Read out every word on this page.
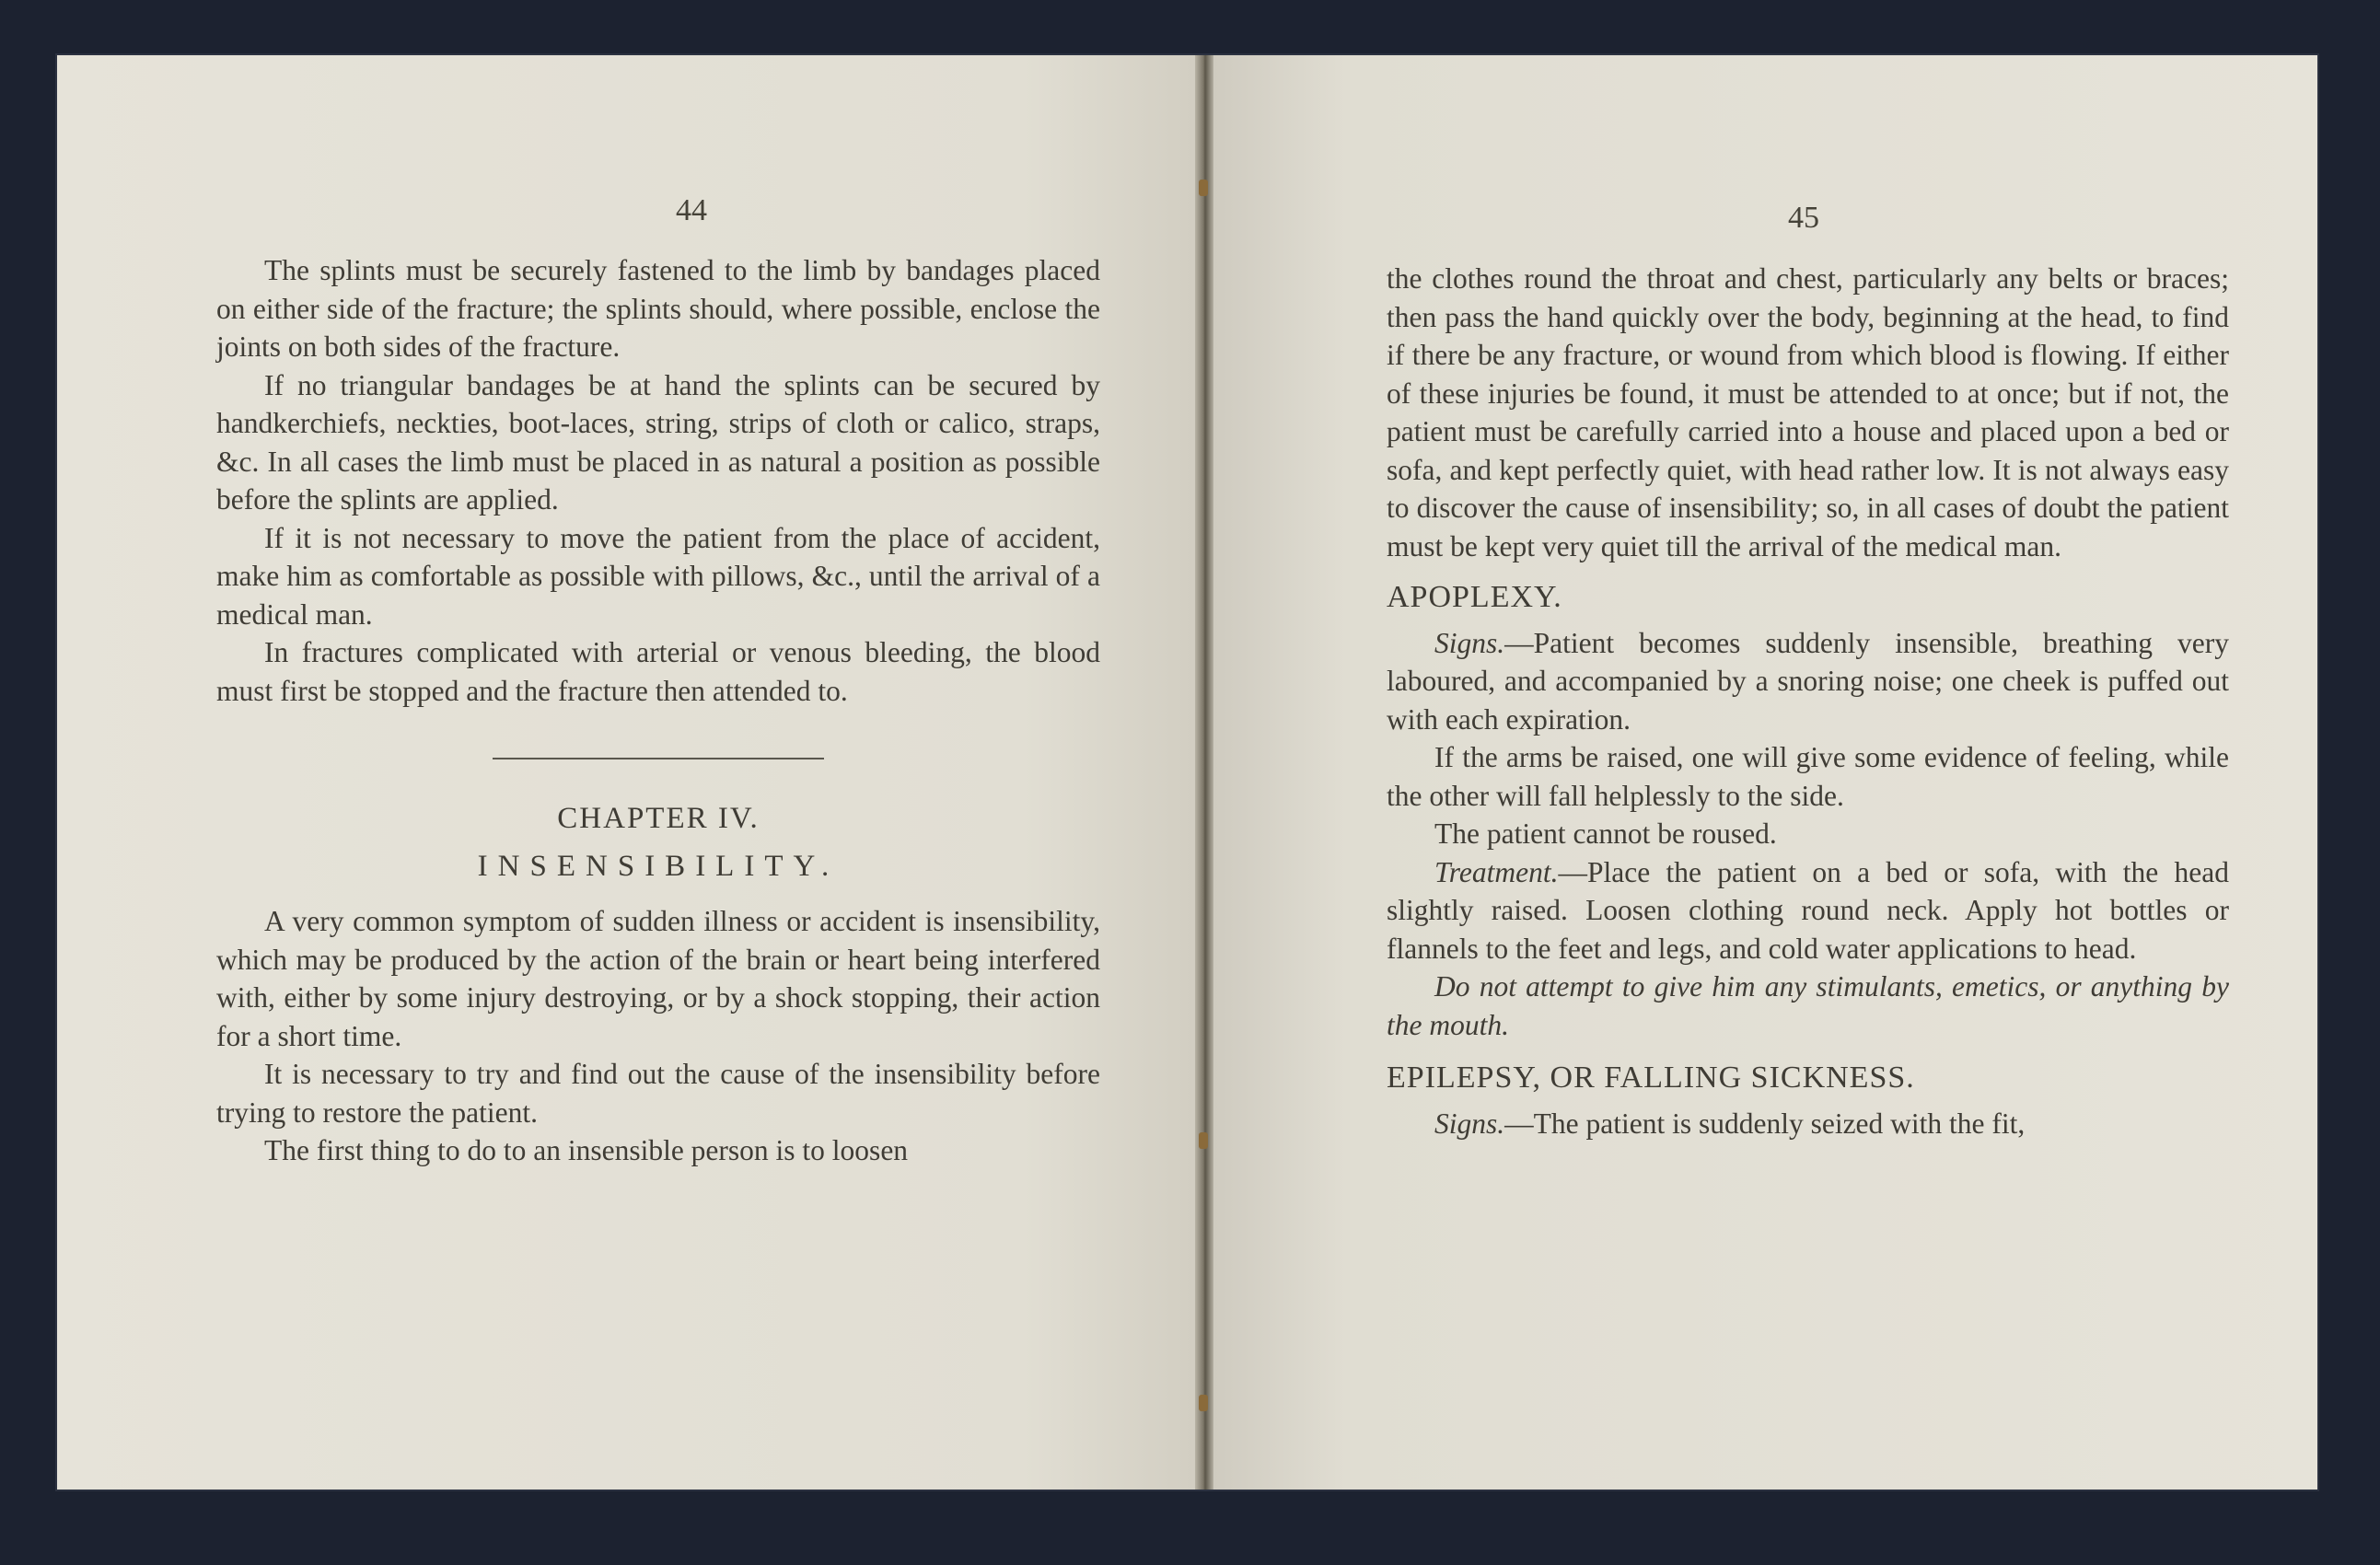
44

The splints must be securely fastened to the limb by bandages placed on either side of the fracture; the splints should, where possible, enclose the joints on both sides of the fracture.

If no triangular bandages be at hand the splints can be secured by handkerchiefs, neckties, boot-laces, string, strips of cloth or calico, straps, &c. In all cases the limb must be placed in as natural a position as possible before the splints are applied.

If it is not necessary to move the patient from the place of accident, make him as comfortable as possible with pillows, &c., until the arrival of a medical man.

In fractures complicated with arterial or venous bleeding, the blood must first be stopped and the fracture then attended to.

CHAPTER IV.
INSENSIBILITY.

A very common symptom of sudden illness or accident is insensibility, which may be produced by the action of the brain or heart being interfered with, either by some injury destroying, or by a shock stopping, their action for a short time.

It is necessary to try and find out the cause of the insensibility before trying to restore the patient.

The first thing to do to an insensible person is to loosen

45

the clothes round the throat and chest, particularly any belts or braces; then pass the hand quickly over the body, beginning at the head, to find if there be any fracture, or wound from which blood is flowing. If either of these injuries be found, it must be attended to at once; but if not, the patient must be carefully carried into a house and placed upon a bed or sofa, and kept perfectly quiet, with head rather low. It is not always easy to discover the cause of insensibility; so, in all cases of doubt the patient must be kept very quiet till the arrival of the medical man.

APOPLEXY.

Signs.—Patient becomes suddenly insensible, breathing very laboured, and accompanied by a snoring noise; one cheek is puffed out with each expiration.

If the arms be raised, one will give some evidence of feeling, while the other will fall helplessly to the side.

The patient cannot be roused.

Treatment.—Place the patient on a bed or sofa, with the head slightly raised. Loosen clothing round neck. Apply hot bottles or flannels to the feet and legs, and cold water applications to head.

Do not attempt to give him any stimulants, emetics, or anything by the mouth.

EPILEPSY, OR FALLING SICKNESS.

Signs.—The patient is suddenly seized with the fit,
